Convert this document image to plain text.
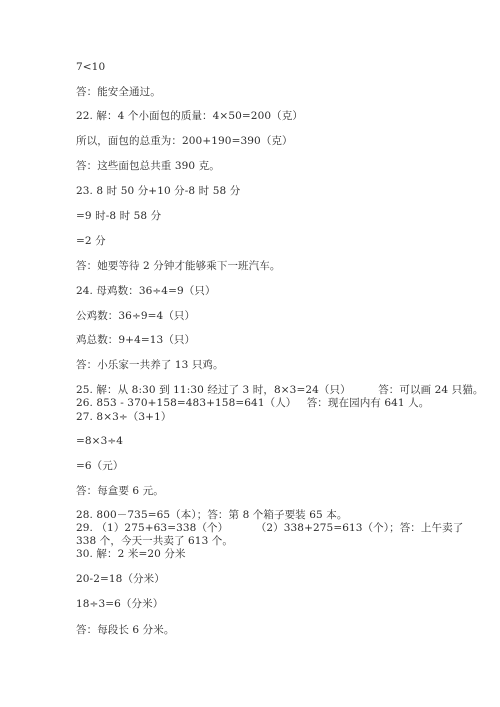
7<10
答：能安全通过。
22. 解：4 个小面包的质量：4×50=200（克）
所以，面包的总重为：200+190=390（克）
答：这些面包总共重 390 克。
23. 8 时 50 分+10 分-8 时 58 分
=9 时-8 时 58 分
=2 分
答：她要等待 2 分钟才能够乘下一班汽车。
24. 母鸡数：36÷4=9（只）
公鸡数：36÷9=4（只）
鸡总数：9+4=13（只）
答：小乐家一共养了 13 只鸡。
25. 解：从 8:30 到 11:30 经过了 3 时，8×3=24（只）        答：可以画 24 只猫。
26. 853 - 370+158=483+158=641（人）   答：现在园内有 641 人。
27. 8×3÷（3+1）
=8×3÷4
=6（元）
答：每盒要 6 元。
28. 800－735=65（本）；答：第 8 个箱子要装 65 本。
29. （1）275+63=338（个）        （2）338+275=613（个）；答：上午卖了
338 个，今天一共卖了 613 个。
30. 解：2 米=20 分米
20-2=18（分米）
18÷3=6（分米）
答：每段长 6 分米。
